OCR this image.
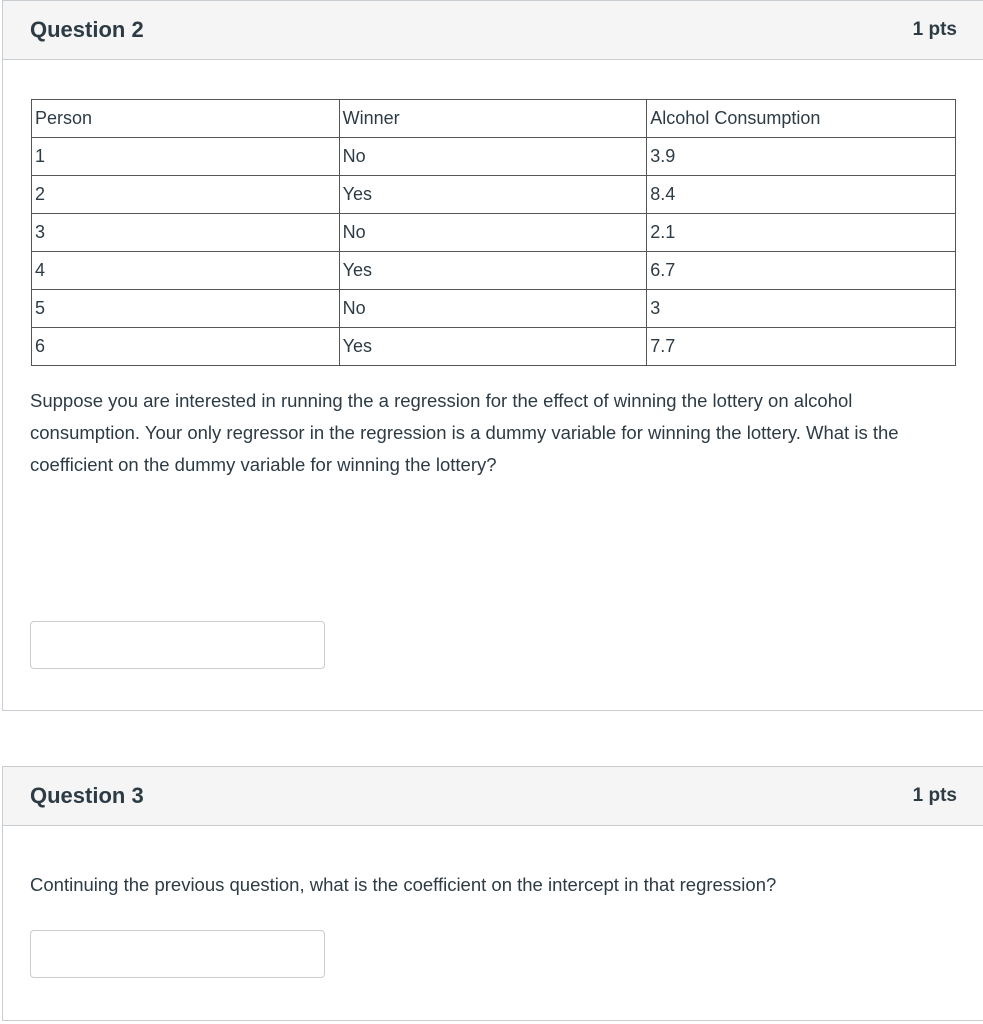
Question 2	1 pts
Person	Winner	Alcohol Consumption
1	No	3.9
2	Yes	8.4
3	No	2.1
4	Yes	6.7
5	No	3
6	Yes	7.7
Suppose you are interested in running the a regression for the effect of winning the lottery on alcohol consumption. Your only regressor in the regression is a dummy variable for winning the lottery. What is the coefficient on the dummy variable for winning the lottery?
Question 3	1 pts
Continuing the previous question, what is the coefficient on the intercept in that regression?
